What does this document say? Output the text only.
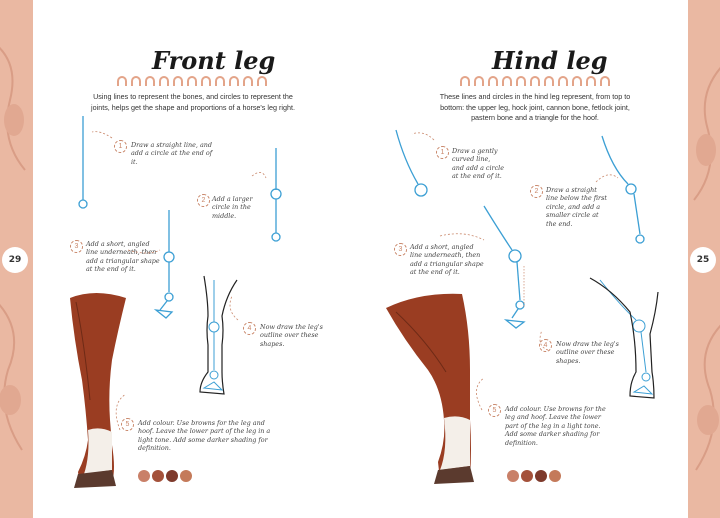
29	25
Front leg
Using lines to represent the bones, and circles to represent the joints, helps get the shape and proportions of a horse's leg right.
1	Draw a straight line, and add a circle at the end of it.
2	Add a larger circle in the middle.
3	Add a short, angled line underneath, then add a triangular shape at the end of it.
4	Now draw the leg's outline over these shapes.
5	Add colour. Use browns for the leg and hoof. Leave the lower part of the leg in a light tone. Add some darker shading for definition.
Hind leg
These lines and circles in the hind leg represent, from top to bottom: the upper leg, hock joint, cannon bone, fetlock joint, pastern bone and a triangle for the hoof.
1	Draw a gently curved line, and add a circle at the end of it.
2	Draw a straight line below the first circle, and add a smaller circle at the end.
3	Add a short, angled line underneath, then add a triangular shape at the end of it.
4	Now draw the leg's outline over these shapes.
5	Add colour. Use browns for the leg and hoof. Leave the lower part of the leg in a light tone. Add some darker shading for definition.
